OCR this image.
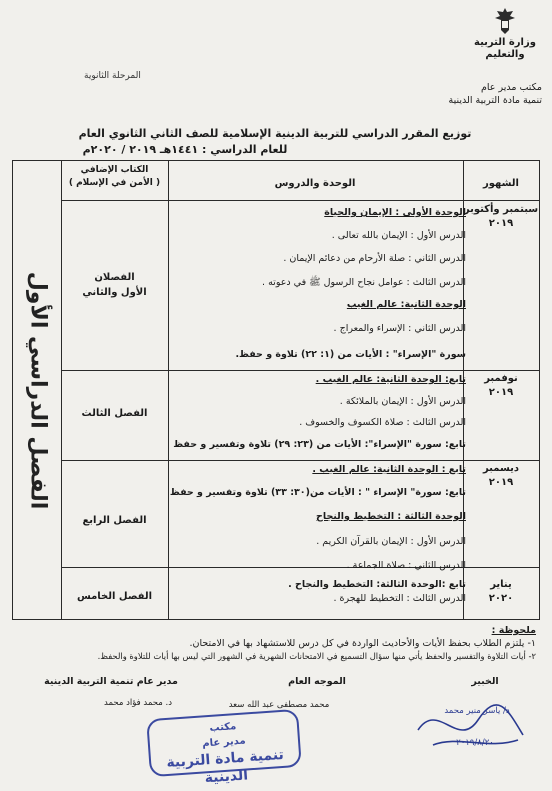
وزارة التربية والتعليم
مكتب مدير عام
تنمية مادة التربية الدينية
المرحلة الثانوية
توزيع المقرر الدراسي للتربية الدينية الإسلامية للصف الثاني الثانوي العام
للعام الدراسي : ١٤٤١هـ ٢٠١٩ / ٢٠٢٠م
الفصل الدراسي الأول
الشهور
الوحدة والدروس
الكتاب الإضافي
( الأمن في الإسلام )
سبتمبر وأكتوبر
٢٠١٩
الفصلان
الأول والثاني
الوحدة الأولى : الإيمان والحياة
الدرس الأول : الإيمان بالله تعالى .
الدرس الثاني : صلة الأرحام من دعائم الإيمان .
الدرس الثالث : عوامل نجاح الرسول ﷺ في دعوته .
الوحدة الثانية: عالم الغيب
الدرس الثاني : الإسراء والمعراج .
سورة "الإسراء" : الأيات من (١: ٢٢) تلاوة و حفظ.
نوفمبر
٢٠١٩
الفصل الثالث
تابع: الوحدة الثانية: عالم الغيب .
الدرس الأول : الإيمان بالملائكة .
الدرس الثالث : صلاة الكسوف والخسوف .
تابع: سورة "الإسراء": الأيات من (٢٣: ٢٩) تلاوة وتفسير و حفظ
ديسمبر
٢٠١٩
الفصل الرابع
تابع : الوحدة الثانية: عالم الغيب .
تابع: سورة" الإسراء " : الأيات من(٣٠: ٣٣) تلاوة وتفسير و حفظ
الوحدة الثالثة : التخطيط والنجاح
الدرس الأول : الإيمان بالقرآن الكريم .
الدرس الثاني : صلاة الجماعة .
يناير
٢٠٢٠
الفصل الخامس
تابع :الوحدة الثالثة: التخطيط والنجاح .
الدرس الثالث : التخطيط للهجرة .
ملحوظة :
١- يلتزم الطلاب بحفظ الأيات والأحاديث الواردة في كل درس للاستشهاد بها في الامتحان.
٢- أيات التلاوة والتفسير والحفظ يأتي منها سؤال التسميع في الامتحانات الشهرية في الشهور التي ليس بها أيات للتلاوة والحفظ.
الخبير
الموجه العام
مدير عام تنمية التربية الدينية
محمد مصطفى عبد الله سعد
د. محمد فؤاد محمد
د/ ياسر منير محمد
٢٠١٩/٨/٢٠
مكتب
مدير عام
تنمية مادة التربية الدينية
